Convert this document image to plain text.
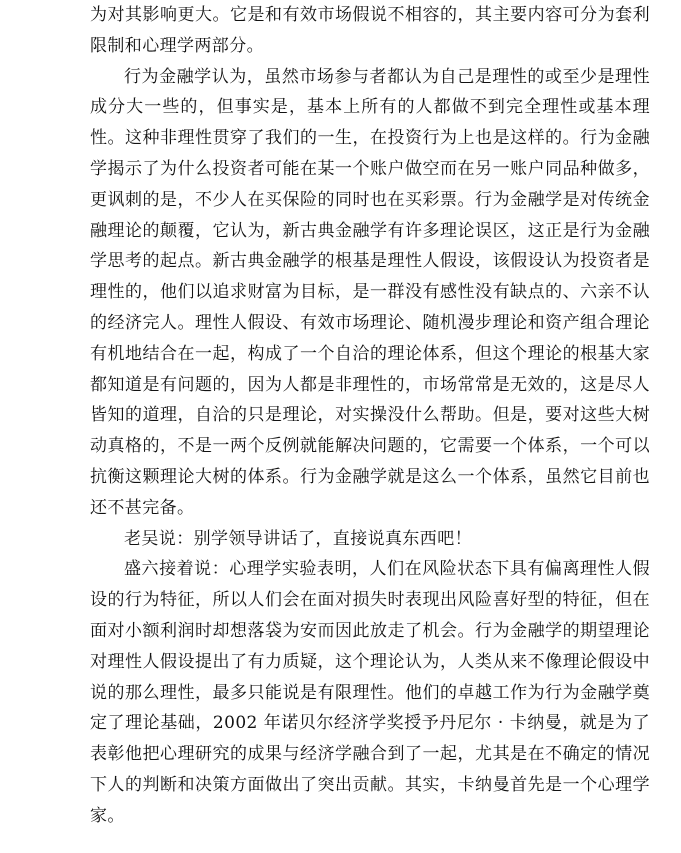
为对其影响更大。它是和有效市场假说不相容的，其主要内容可分为套利限制和心理学两部分。

行为金融学认为，虽然市场参与者都认为自己是理性的或至少是理性成分大一些的，但事实是，基本上所有的人都做不到完全理性或基本理性。这种非理性贯穿了我们的一生，在投资行为上也是这样的。行为金融学揭示了为什么投资者可能在某一个账户做空而在另一账户同品种做多，更讽刺的是，不少人在买保险的同时也在买彩票。行为金融学是对传统金融理论的颠覆，它认为，新古典金融学有许多理论误区，这正是行为金融学思考的起点。新古典金融学的根基是理性人假设，该假设认为投资者是理性的，他们以追求财富为目标，是一群没有感性没有缺点的、六亲不认的经济完人。理性人假设、有效市场理论、随机漫步理论和资产组合理论有机地结合在一起，构成了一个自洽的理论体系，但这个理论的根基大家都知道是有问题的，因为人都是非理性的，市场常常是无效的，这是尽人皆知的道理，自洽的只是理论，对实操没什么帮助。但是，要对这些大树动真格的，不是一两个反例就能解决问题的，它需要一个体系，一个可以抗衡这颗理论大树的体系。行为金融学就是这么一个体系，虽然它目前也还不甚完备。

老吴说：别学领导讲话了，直接说真东西吧！

盛六接着说：心理学实验表明，人们在风险状态下具有偏离理性人假设的行为特征，所以人们会在面对损失时表现出风险喜好型的特征，但在面对小额利润时却想落袋为安而因此放走了机会。行为金融学的期望理论对理性人假设提出了有力质疑，这个理论认为，人类从来不像理论假设中说的那么理性，最多只能说是有限理性。他们的卓越工作为行为金融学奠定了理论基础，2002 年诺贝尔经济学奖授予丹尼尔 · 卡纳曼，就是为了表彰他把心理研究的成果与经济学融合到了一起，尤其是在不确定的情况下人的判断和决策方面做出了突出贡献。其实，卡纳曼首先是一个心理学家。
